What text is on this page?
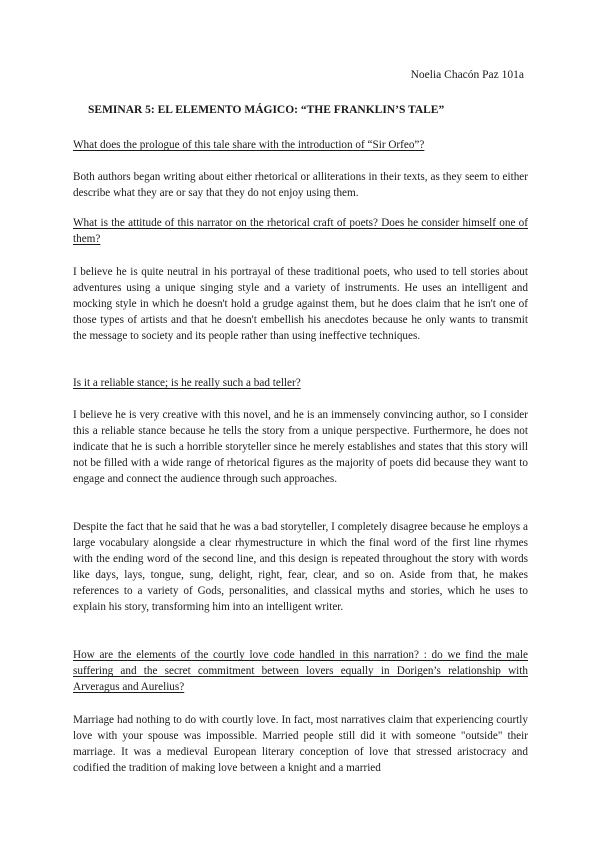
Noelia Chacón Paz 101a
SEMINAR 5: EL ELEMENTO MÁGICO: “THE FRANKLIN’S TALE”
What does the prologue of this tale share with the introduction of “Sir Orfeo”?
Both authors began writing about either rhetorical or alliterations in their texts, as they seem to either describe what they are or say that they do not enjoy using them.
What is the attitude of this narrator on the rhetorical craft of poets? Does he consider himself one of them?
I believe he is quite neutral in his portrayal of these traditional poets, who used to tell stories about adventures using a unique singing style and a variety of instruments. He uses an intelligent and mocking style in which he doesn't hold a grudge against them, but he does claim that he isn't one of those types of artists and that he doesn't embellish his anecdotes because he only wants to transmit the message to society and its people rather than using ineffective techniques.
Is it a reliable stance; is he really such a bad teller?
I believe he is very creative with this novel, and he is an immensely convincing author, so I consider this a reliable stance because he tells the story from a unique perspective. Furthermore, he does not indicate that he is such a horrible storyteller since he merely establishes and states that this story will not be filled with a wide range of rhetorical figures as the majority of poets did because they want to engage and connect the audience through such approaches.
Despite the fact that he said that he was a bad storyteller, I completely disagree because he employs a large vocabulary alongside a clear rhymestructure in which the final word of the first line rhymes with the ending word of the second line, and this design is repeated throughout the story with words like days, lays, tongue, sung, delight, right, fear, clear, and so on. Aside from that, he makes references to a variety of Gods, personalities, and classical myths and stories, which he uses to explain his story, transforming him into an intelligent writer.
How are the elements of the courtly love code handled in this narration? : do we find the male suffering and the secret commitment between lovers equally in Dorigen’s relationship with Arveragus and Aurelius?
Marriage had nothing to do with courtly love. In fact, most narratives claim that experiencing courtly love with your spouse was impossible. Married people still did it with someone "outside" their marriage. It was a medieval European literary conception of love that stressed aristocracy and codified the tradition of making love between a knight and a married
